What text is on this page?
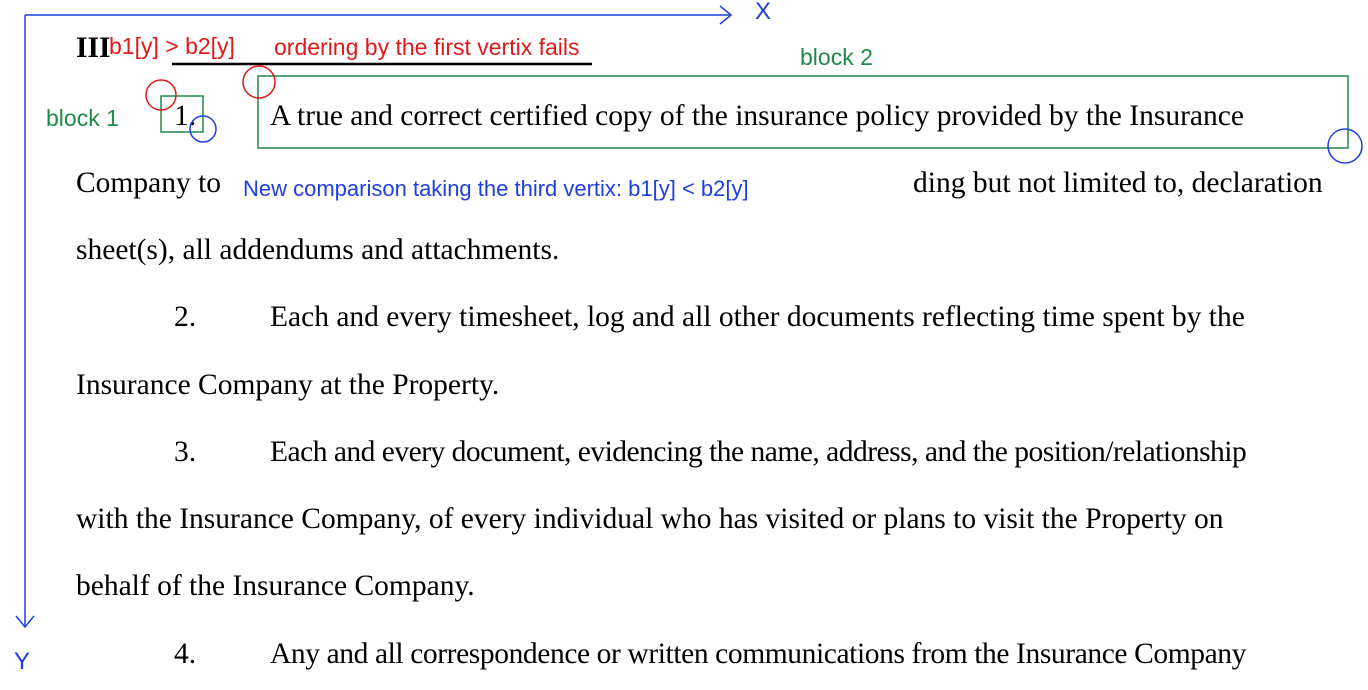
III
1.	A true and correct certified copy of the insurance policy provided by the Insurance
Company to	ding but not limited to, declaration
sheet(s), all addendums and attachments.
2.	Each and every timesheet, log and all other documents reflecting time spent by the
Insurance Company at the Property.
3.	Each and every document, evidencing the name, address, and the position/relationship
with the Insurance Company, of every individual who has visited or plans to visit the Property on
behalf of the Insurance Company.
4.	Any and all correspondence or written communications from the Insurance Company
X
Y
b1[y] > b2[y] ordering by the first vertix fails
block 1
block 2
New comparison taking the third vertix: b1[y] < b2[y]
